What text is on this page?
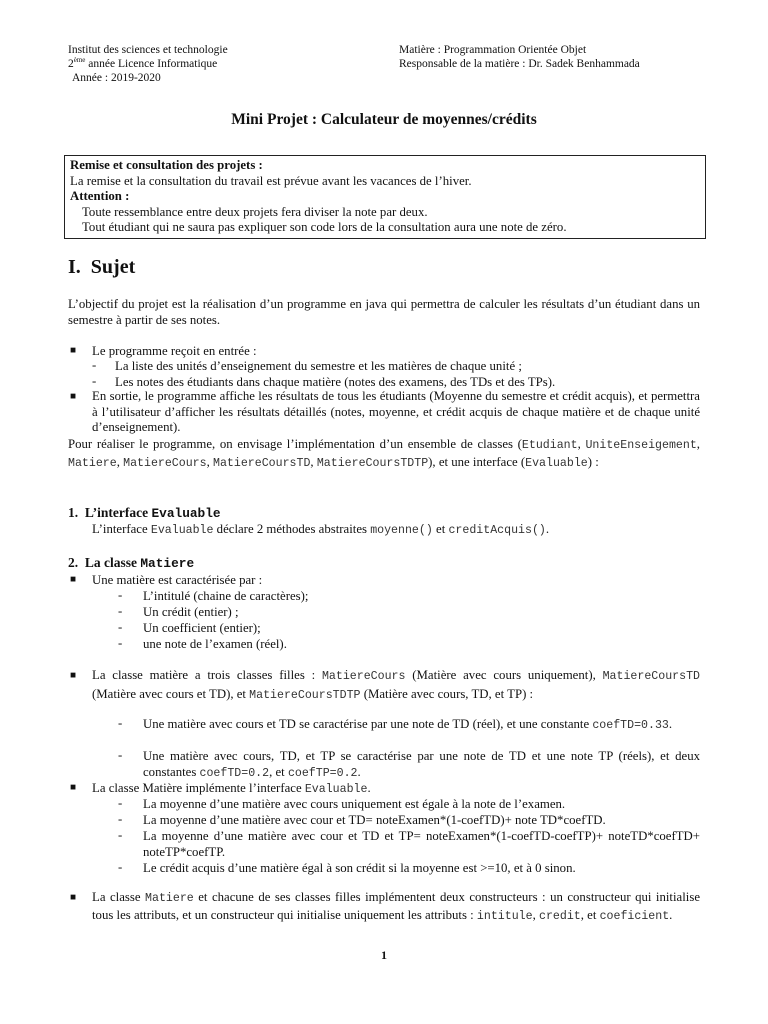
Institut des sciences et technologie
2ème année Licence Informatique
Année : 2019-2020
Matière : Programmation Orientée Objet
Responsable de la matière : Dr. Sadek Benhammada
Mini Projet : Calculateur de moyennes/crédits
Remise et consultation des projets :
La remise et la consultation du travail est prévue avant les vacances de l’hiver.
Attention :
Toute ressemblance entre deux projets fera diviser la note par deux.
Tout étudiant qui ne saura pas expliquer son code lors de la consultation aura une note de zéro.
I. Sujet
L’objectif du projet est la réalisation d’un programme en java qui permettra de calculer les résultats d’un étudiant dans un semestre à partir de ses notes.
■ Le programme reçoit en entrée :
- La liste des unités d’enseignement du semestre et les matières de chaque unité ;
- Les notes des étudiants dans chaque matière (notes des examens, des TDs et des TPs).
■ En sortie, le programme affiche les résultats de tous les étudiants (Moyenne du semestre et crédit acquis), et permettra à l’utilisateur d’afficher les résultats détaillés (notes, moyenne, et crédit acquis de chaque matière et de chaque unité d’enseignement).
Pour réaliser le programme, on envisage l’implémentation d’un ensemble de classes (Etudiant, UniteEnseigement, Matiere, MatiereCours, MatiereCoursTD, MatiereCoursTDTP), et une interface (Evaluable) :
1. L’interface Evaluable
L’interface Evaluable déclare 2 méthodes abstraites moyenne() et creditAcquis().
2. La classe Matiere
■ Une matière est caractérisée par :
- L’intitulé (chaine de caractères);
- Un crédit (entier) ;
- Un coefficient (entier);
- une note de l’examen (réel).
■ La classe matière a trois classes filles : MatiereCours (Matière avec cours uniquement), MatiereCoursTD (Matière avec cours et TD), et MatiereCoursTDTP (Matière avec cours, TD, et TP) :
- Une matière avec cours et TD se caractérise par une note de TD (réel), et une constante coefTD=0.33.
- Une matière avec cours, TD, et TP se caractérise par une note de TD et une note TP (réels), et deux constantes coefTD=0.2, et coefTP=0.2.
■ La classe Matière implémente l’interface Evaluable.
- La moyenne d’une matière avec cours uniquement est égale à la note de l’examen.
- La moyenne d’une matière avec cour et TD= noteExamen*(1-coefTD)+ note TD*coefTD.
- La moyenne d’une matière avec cour et TD et TP= noteExamen*(1-coefTD-coefTP)+ noteTD*coefTD+ noteTP*coefTP.
- Le crédit acquis d’une matière égal à son crédit si la moyenne est >=10, et à 0 sinon.
■ La classe Matiere et chacune de ses classes filles implémentent deux constructeurs : un constructeur qui initialise tous les attributs, et un constructeur qui initialise uniquement les attributs : intitule, credit, et coeficient.
1
